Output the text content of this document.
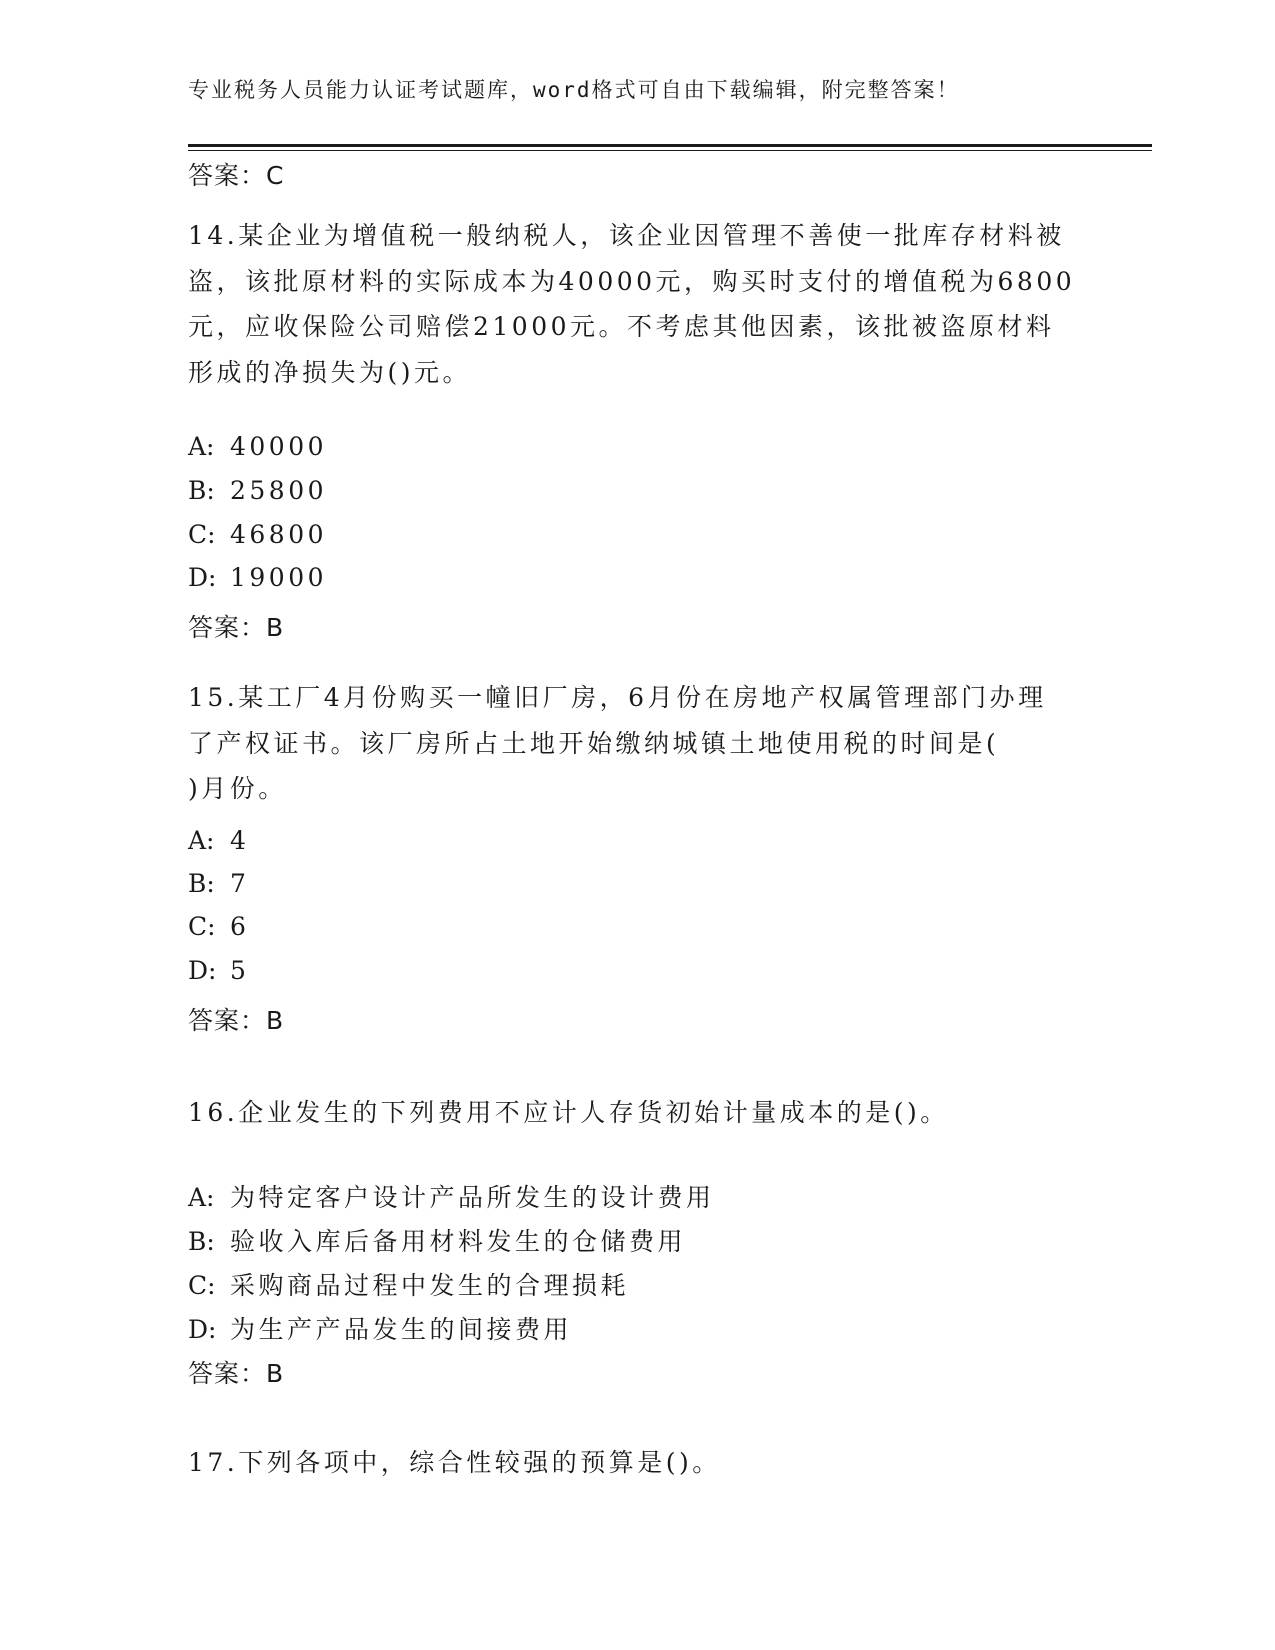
专业税务人员能力认证考试题库，word格式可自由下载编辑，附完整答案！
答案：C
14.某企业为增值税一般纳税人，该企业因管理不善使一批库存材料被
盗，该批原材料的实际成本为40000元，购买时支付的增值税为6800
元，应收保险公司赔偿21000元。不考虑其他因素，该批被盗原材料
形成的净损失为()元。
A: 40000
B: 25800
C: 46800
D: 19000
答案：B
15.某工厂4月份购买一幢旧厂房，6月份在房地产权属管理部门办理
了产权证书。该厂房所占土地开始缴纳城镇土地使用税的时间是(
)月份。
A: 4
B: 7
C: 6
D: 5
答案：B
16.企业发生的下列费用不应计人存货初始计量成本的是()。
A: 为特定客户设计产品所发生的设计费用
B: 验收入库后备用材料发生的仓储费用
C: 采购商品过程中发生的合理损耗
D: 为生产产品发生的间接费用
答案：B
17.下列各项中，综合性较强的预算是()。
